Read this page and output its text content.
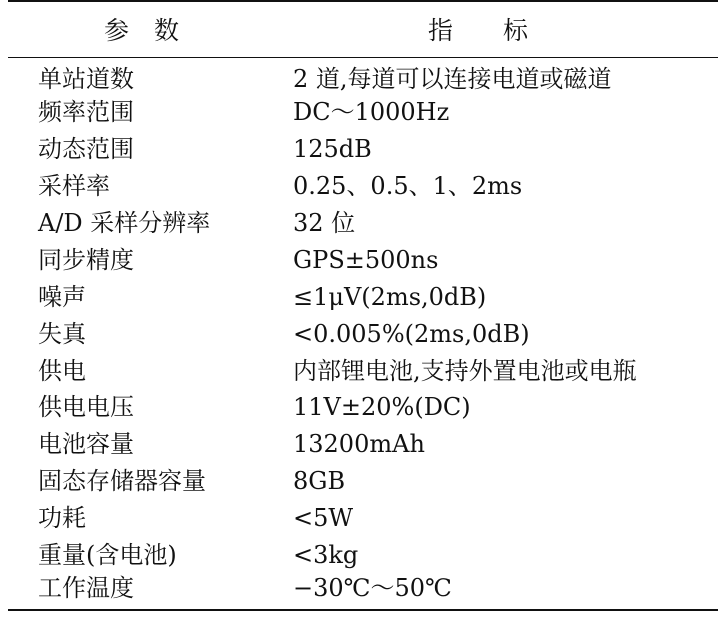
参　数	指　　标
单站道数	2 道,每道可以连接电道或磁道
频率范围	DC～1000Hz
动态范围	125dB
采样率	0.25、0.5、1、2ms
A/D 采样分辨率	32 位
同步精度	GPS±500ns
噪声	≤1μV(2ms,0dB)
失真	<0.005%(2ms,0dB)
供电	内部锂电池,支持外置电池或电瓶
供电电压	11V±20%(DC)
电池容量	13200mAh
固态存储器容量	8GB
功耗	<5W
重量(含电池)	<3kg
工作温度	−30℃～50℃
